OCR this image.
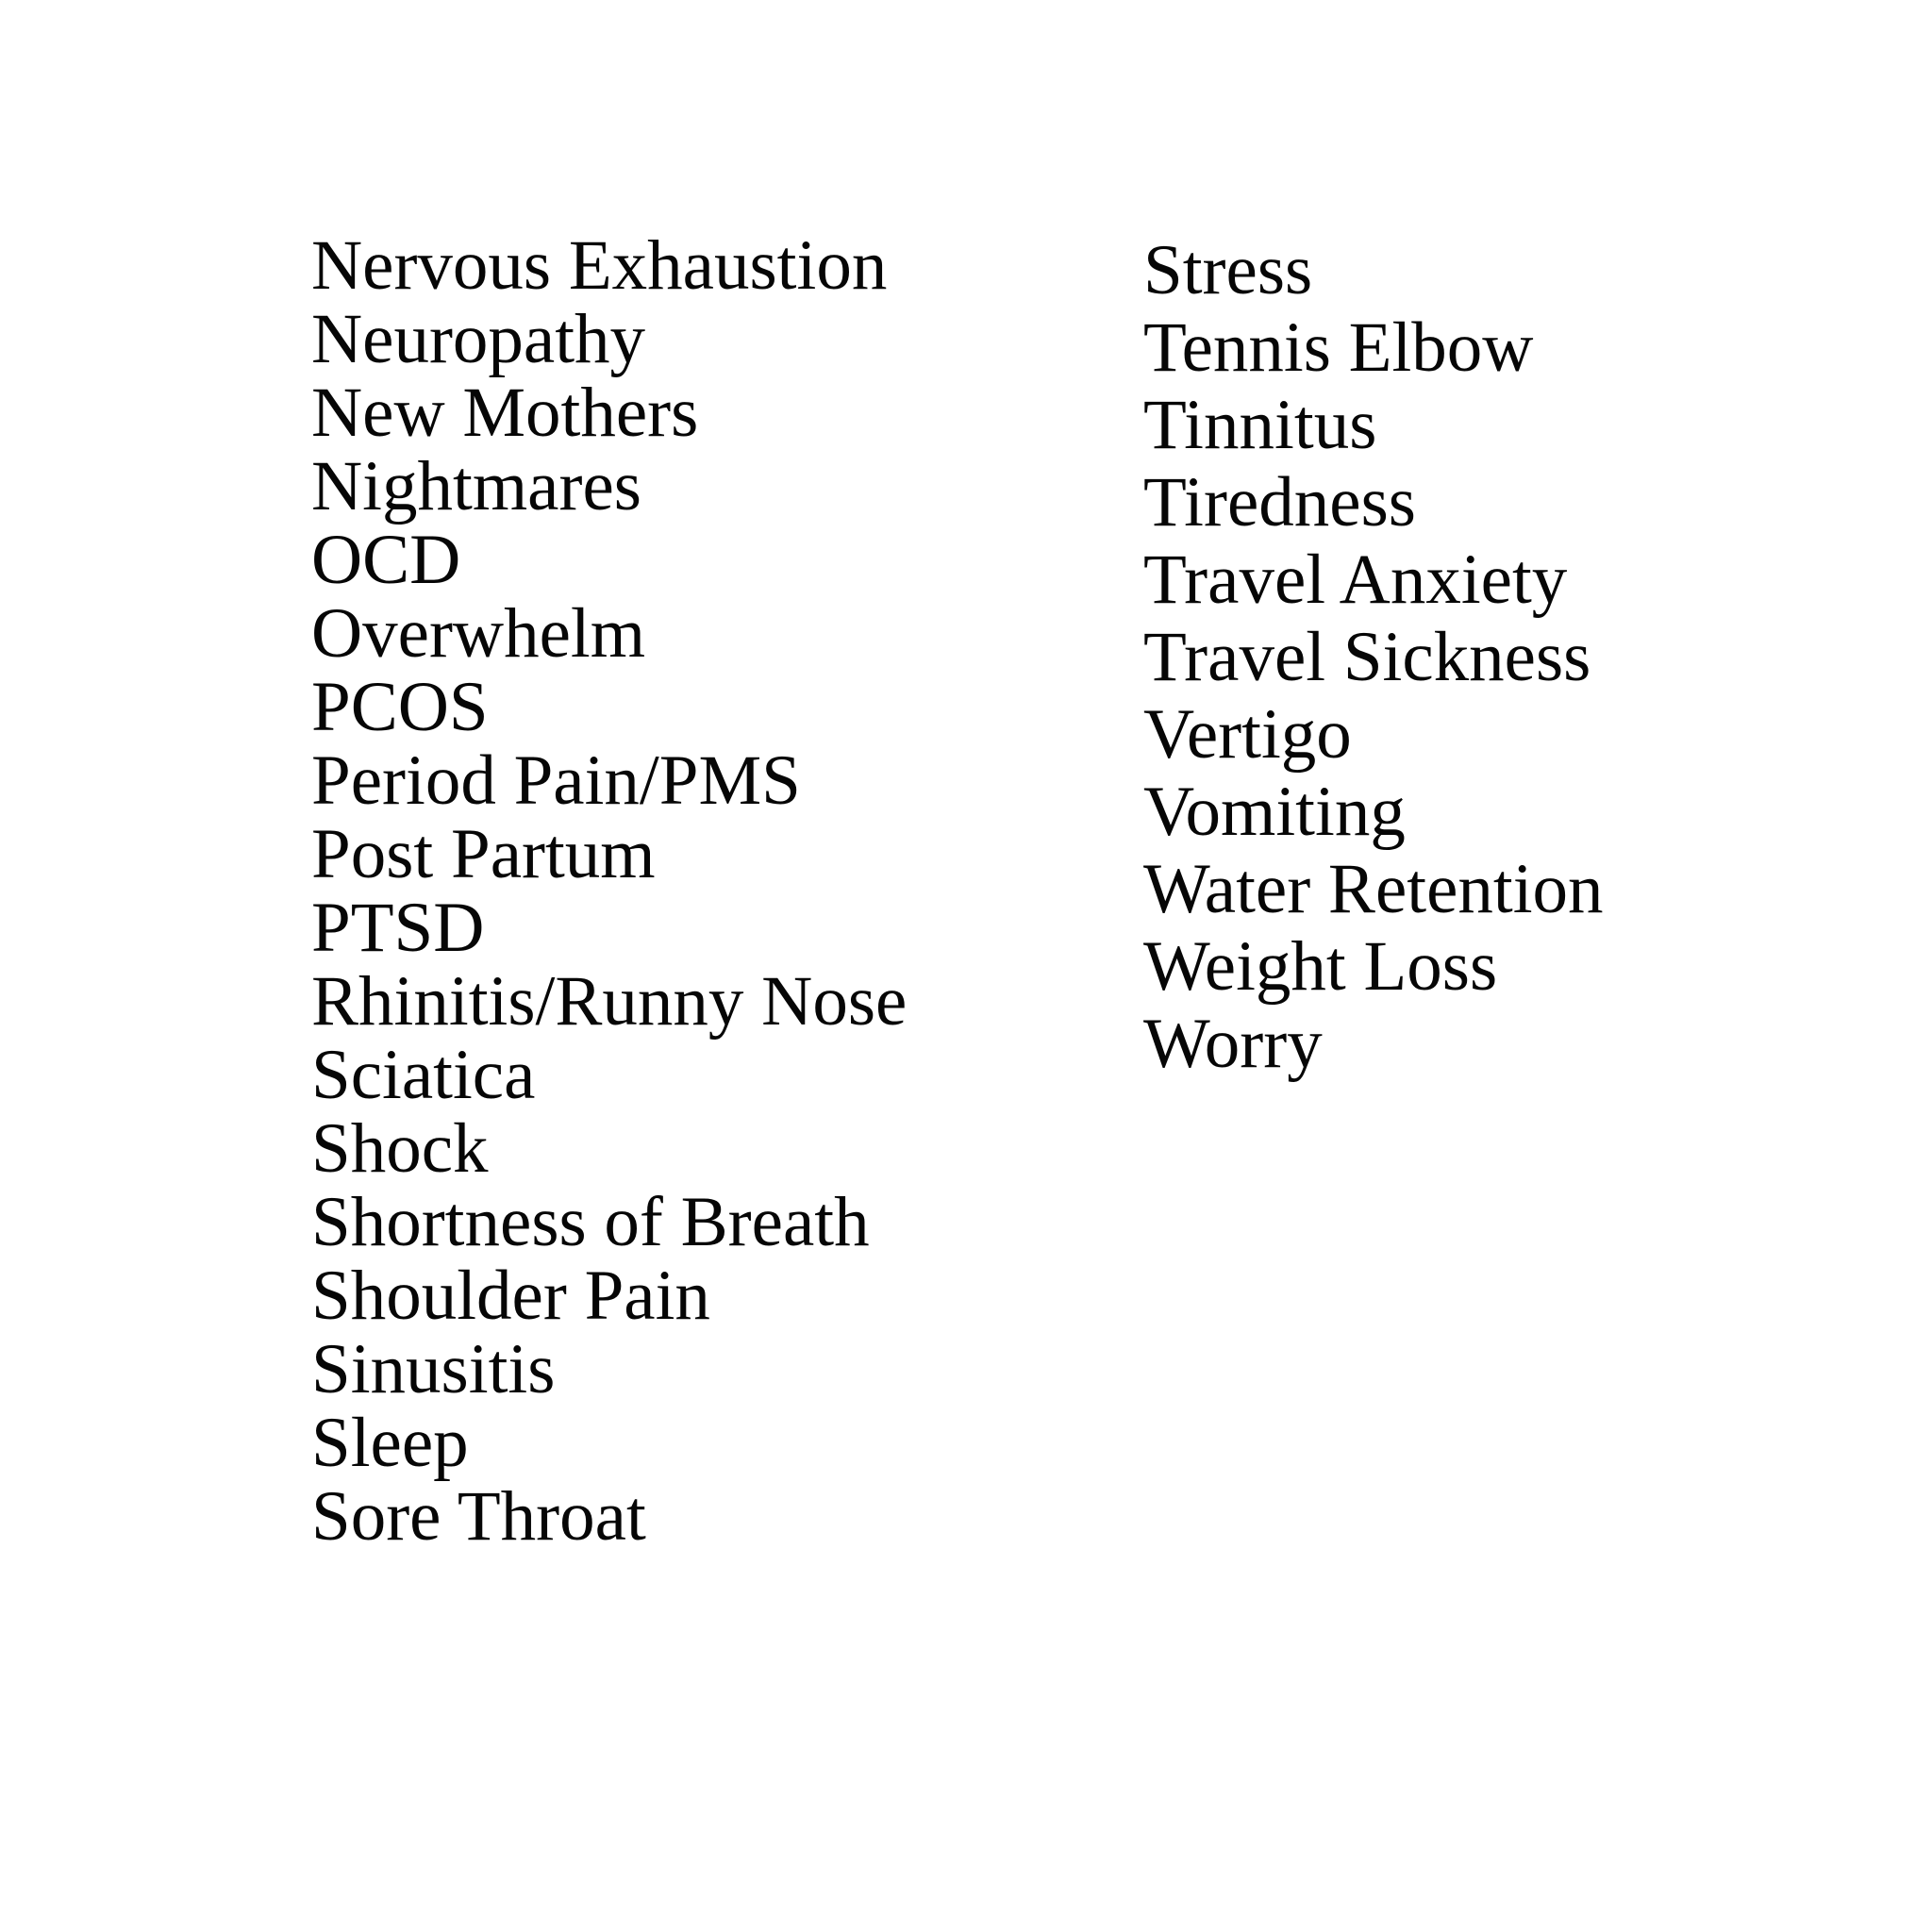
Nervous Exhaustion
Neuropathy
New Mothers
Nightmares
OCD
Overwhelm
PCOS
Period Pain/PMS
Post Partum
PTSD
Rhinitis/Runny Nose
Sciatica
Shock
Shortness of Breath
Shoulder Pain
Sinusitis
Sleep
Sore Throat
Stress
Tennis Elbow
Tinnitus
Tiredness
Travel Anxiety
Travel Sickness
Vertigo
Vomiting
Water Retention
Weight Loss
Worry
